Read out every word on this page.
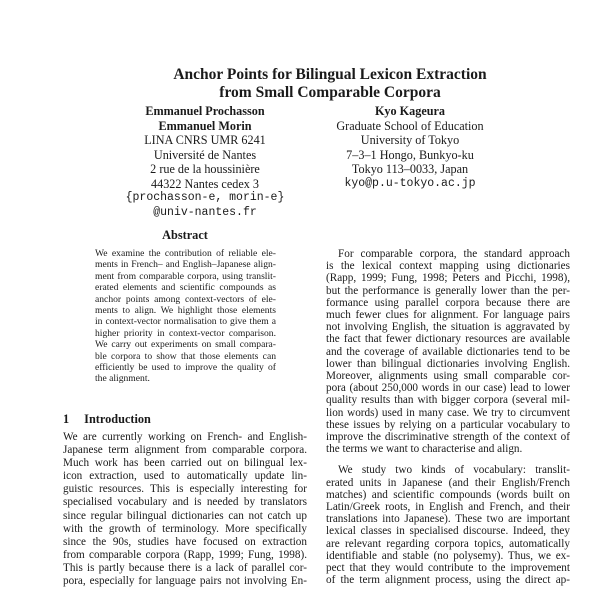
Anchor Points for Bilingual Lexicon Extraction
from Small Comparable Corpora
Emmanuel Prochasson
Emmanuel Morin
LINA CNRS UMR 6241
Université de Nantes
2 rue de la houssinière
44322 Nantes cedex 3
{prochasson-e, morin-e}
@univ-nantes.fr
Kyo Kageura
Graduate School of Education
University of Tokyo
7–3–1 Hongo, Bunkyo-ku
Tokyo 113–0033, Japan
kyo@p.u-tokyo.ac.jp
Abstract
We examine the contribution of reliable ele-
ments in French– and English–Japanese align-
ment from comparable corpora, using translit-
erated elements and scientific compounds as
anchor points among context-vectors of ele-
ments to align. We highlight those elements
in context-vector normalisation to give them a
higher priority in context-vector comparison.
We carry out experiments on small compara-
ble corpora to show that those elements can
efficiently be used to improve the quality of
the alignment.
1 Introduction
We are currently working on French- and English-
Japanese term alignment from comparable corpora.
Much work has been carried out on bilingual lex-
icon extraction, used to automatically update lin-
guistic resources. This is especially interesting for
specialised vocabulary and is needed by translators
since regular bilingual dictionaries can not catch up
with the growth of terminology. More specifically
since the 90s, studies have focused on extraction
from comparable corpora (Rapp, 1999; Fung, 1998).
This is partly because there is a lack of parallel cor-
pora, especially for language pairs not involving En-
For comparable corpora, the standard approach
is the lexical context mapping using dictionaries
(Rapp, 1999; Fung, 1998; Peters and Picchi, 1998),
but the performance is generally lower than the per-
formance using parallel corpora because there are
much fewer clues for alignment. For language pairs
not involving English, the situation is aggravated by
the fact that fewer dictionary resources are available
and the coverage of available dictionaries tend to be
lower than bilingual dictionaries involving English.
Moreover, alignments using small comparable cor-
pora (about 250,000 words in our case) lead to lower
quality results than with bigger corpora (several mil-
lion words) used in many case. We try to circumvent
these issues by relying on a particular vocabulary to
improve the discriminative strength of the context of
the terms we want to characterise and align.
We study two kinds of vocabulary: translit-
erated units in Japanese (and their English/French
matches) and scientific compounds (words built on
Latin/Greek roots, in English and French, and their
translations into Japanese). These two are important
lexical classes in specialised discourse. Indeed, they
are relevant regarding corpora topics, automatically
identifiable and stable (no polysemy). Thus, we ex-
pect that they would contribute to the improvement
of the term alignment process, using the direct ap-
